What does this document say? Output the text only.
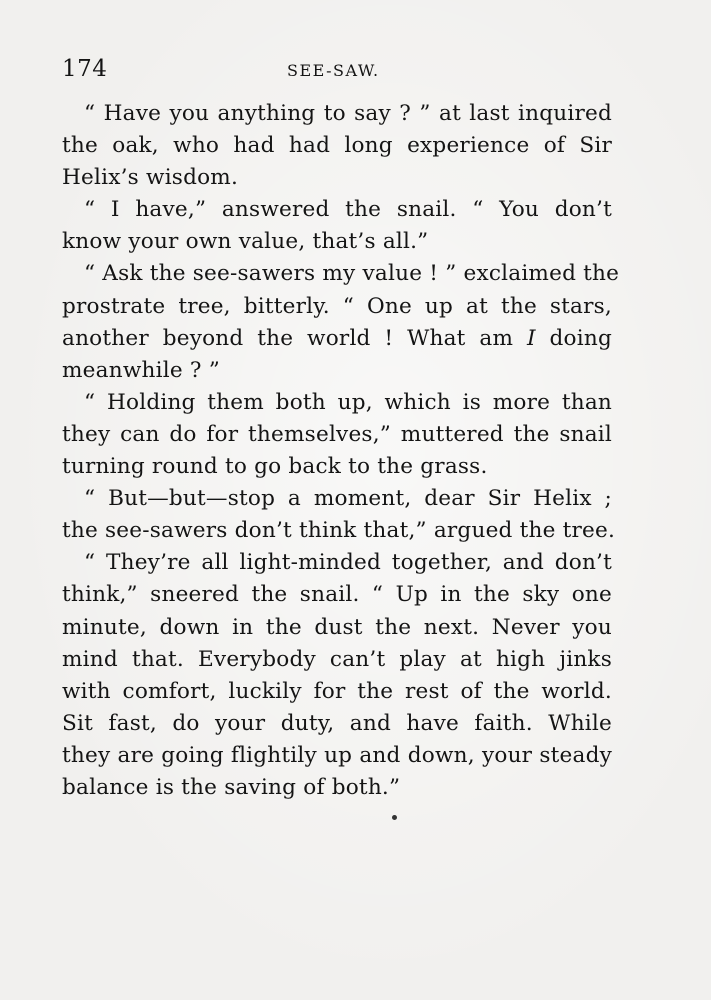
174	SEE-SAW.

“ Have you anything to say ? ” at last inquired
the oak, who had had long experience of Sir
Helix’s wisdom.

“ I have,” answered the snail. “ You don’t
know your own value, that’s all.”

“ Ask the see-sawers my value ! ” exclaimed the
prostrate tree, bitterly. “ One up at the stars,
another beyond the world ! What am I doing
meanwhile ? ”

“ Holding them both up, which is more than
they can do for themselves,” muttered the snail
turning round to go back to the grass.

“ But—but—stop a moment, dear Sir Helix ;
the see-sawers don’t think that,” argued the tree.

“ They’re all light-minded together, and don’t
think,” sneered the snail. “ Up in the sky one
minute, down in the dust the next. Never you
mind that. Everybody can’t play at high jinks
with comfort, luckily for the rest of the world.
Sit fast, do your duty, and have faith. While
they are going flightily up and down, your steady
balance is the saving of both.”
